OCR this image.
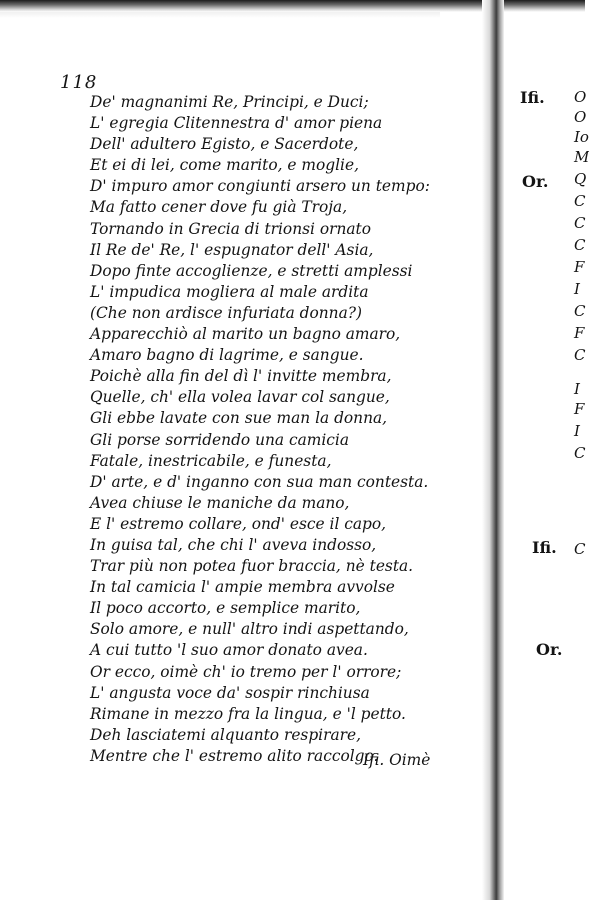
118
De' magnanimi Re, Principi, e Duci;
L' egregia Clitennestra d' amor piena
Dell' adultero Egisto, e Sacerdote,
Et ei di lei, come marito, e moglie,
D' impuro amor congiunti arsero un tempo:
Ma fatto cener dove fu già Troja,
Tornando in Grecia di trionsi ornato
Il Re de' Re, l' espugnator dell' Asia,
Dopo finte accoglienze, e stretti amplessi
L' impudica mogliera al male ardita
(Che non ardisce infuriata donna?)
Apparecchiò al marito un bagno amaro,
Amaro bagno di lagrime, e sangue.
Poichè alla fin del dì l' invitte membra,
Quelle, ch' ella volea lavar col sangue,
Gli ebbe lavate con sue man la donna,
Gli porse sorridendo una camicia
Fatale, inestricabile, e funesta,
D' arte, e d' inganno con sua man contesta.
Avea chiuse le maniche da mano,
E l' estremo collare, ond' esce il capo,
In guisa tal, che chi l' aveva indosso,
Trar più non potea fuor braccia, nè testa.
In tal camicia l' ampie membra avvolse
Il poco accorto, e semplice marito,
Solo amore, e null' altro indi aspettando,
A cui tutto 'l suo amor donato avea.
Or ecco, oimè ch' io tremo per l' orrore;
L' angusta voce da' sospir rinchiusa
Rimane in mezzo fra la lingua, e 'l petto.
Deh lasciatemi alquanto respirare,
Mentre che l' estremo alito raccolgo.
Ifi. Oimè
Ifi.
Or.
Ifi.
Or.
O
O
Io
M
Q
C
C
C
F
I
C
F
C
I
F
I
C
C
